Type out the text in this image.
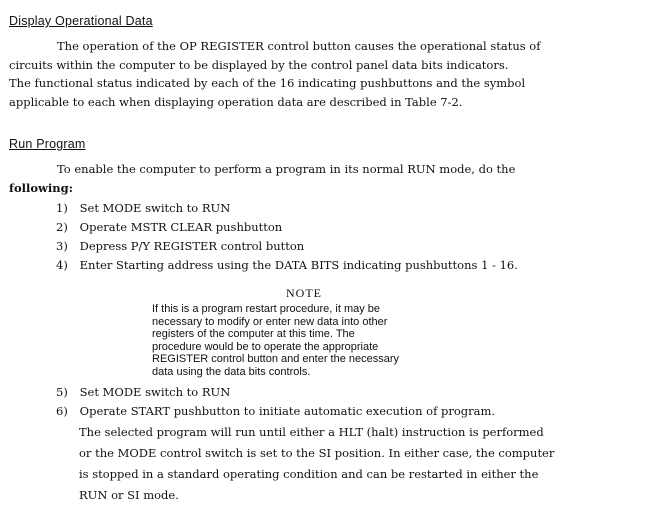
Display Operational Data
The operation of the OP REGISTER control button causes the operational status of
circuits within the computer to be displayed by the control panel data bits indicators.
The functional status indicated by each of the 16 indicating pushbuttons and the symbol
applicable to each when displaying operation data are described in Table 7-2.
Run Program
To enable the computer to perform a program in its normal RUN mode, do the
following:
1) Set MODE switch to RUN
2) Operate MSTR CLEAR pushbutton
3) Depress P/Y REGISTER control button
4) Enter Starting address using the DATA BITS indicating pushbuttons 1 - 16.
NOTE
If this is a program restart procedure, it may be
necessary to modify or enter new data into other
registers of the computer at this time. The
procedure would be to operate the appropriate
REGISTER control button and enter the necessary
data using the data bits controls.
5) Set MODE switch to RUN
6) Operate START pushbutton to initiate automatic execution of program.
The selected program will run until either a HLT (halt) instruction is performed
or the MODE control switch is set to the SI position. In either case, the computer
is stopped in a standard operating condition and can be restarted in either the
RUN or SI mode.
